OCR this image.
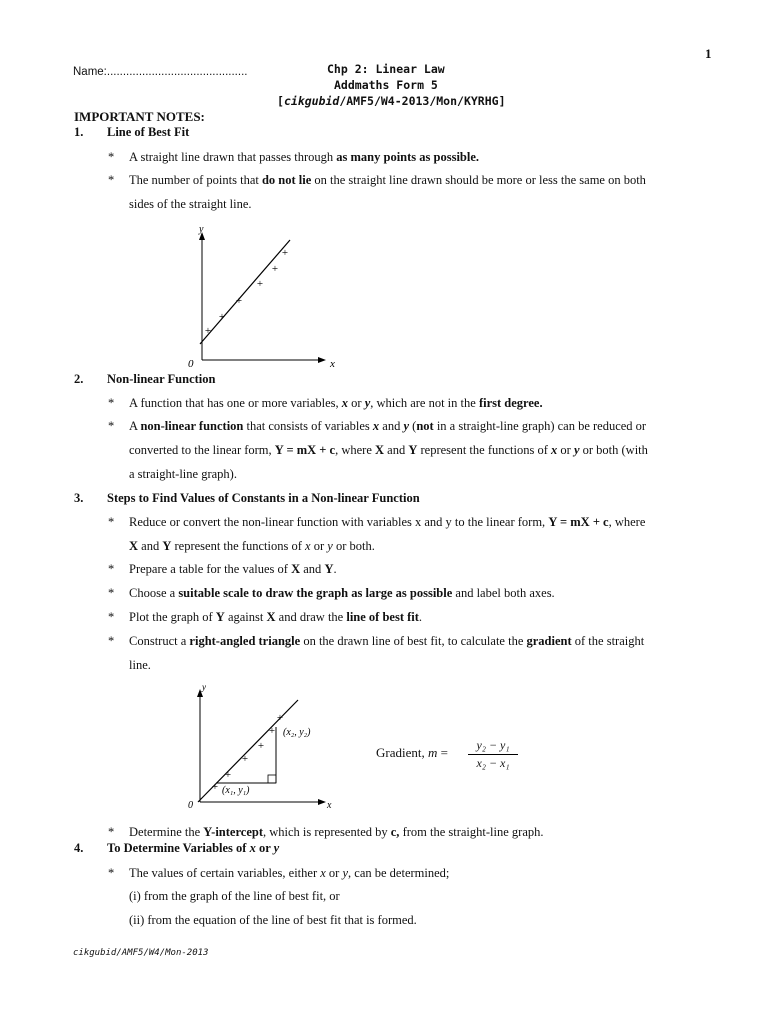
1
Name:............................................	Chp 2: Linear Law
Addmaths Form 5
[cikgubid/AMF5/W4-2013/Mon/KYRHG]
IMPORTANT NOTES:
1. Line of Best Fit
* A straight line drawn that passes through as many points as possible.
* The number of points that do not lie on the straight line drawn should be more or less the same on both
sides of the straight line.
y
x
0
+
+
+
+
+
+
2. Non-linear Function
* A function that has one or more variables, x or y, which are not in the first degree.
* A non-linear function that consists of variables x and y (not in a straight-line graph) can be reduced or
converted to the linear form, Y = mX + c, where X and Y represent the functions of x or y or both (with
a straight-line graph).
3. Steps to Find Values of Constants in a Non-linear Function
* Reduce or convert the non-linear function with variables x and y to the linear form, Y = mX + c, where
X and Y represent the functions of x or y or both.
* Prepare a table for the values of X and Y.
* Choose a suitable scale to draw the graph as large as possible and label both axes.
* Plot the graph of Y against X and draw the line of best fit.
* Construct a right-angled triangle on the drawn line of best fit, to calculate the gradient of the straight
line.
y
x
0
(x₁, y₁)
(x₂, y₂)
+
+
+
+
+
+
Gradient, $m = \frac{\text{y₂ − y₁}}{\text{x₂ − x₁}}$
* Determine the Y-intercept, which is represented by c, from the straight-line graph.
4. To Determine Variables of x or y
* The values of certain variables, either x or y, can be determined;
(i) from the graph of the line of best fit, or
(ii) from the equation of the line of best fit that is formed.
cikgubid/AMF5/W4/Mon-2013
